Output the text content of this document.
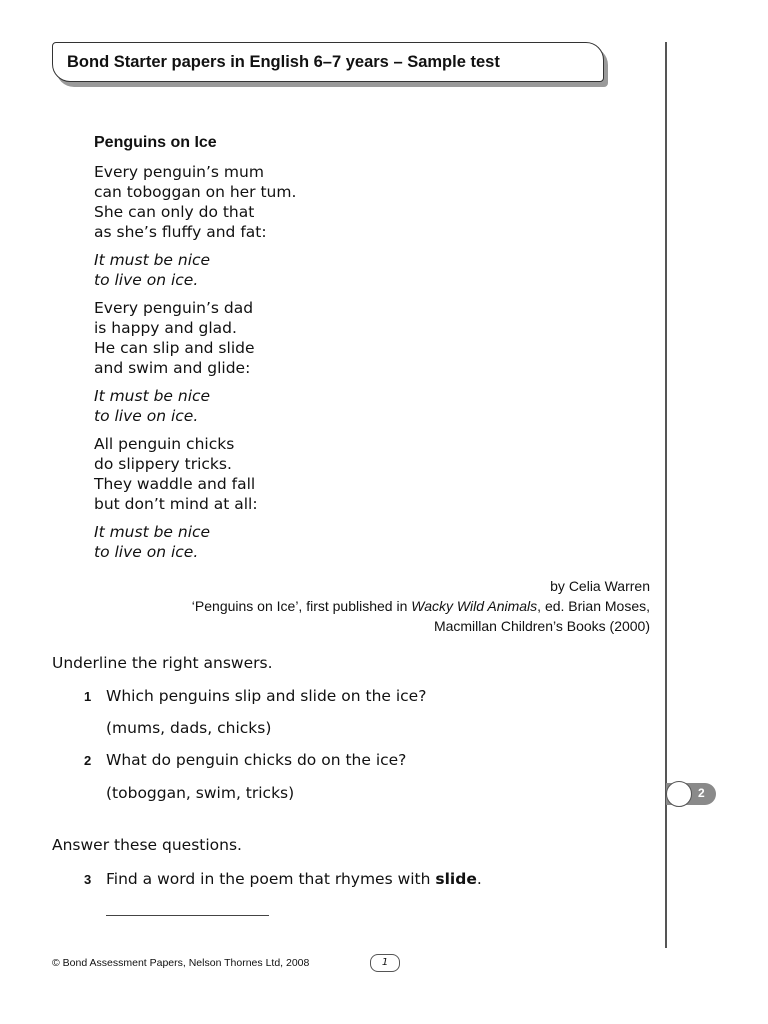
Bond Starter papers in English 6–7 years – Sample test
Penguins on Ice
Every penguin’s mum
can toboggan on her tum.
She can only do that
as she’s fluffy and fat:
It must be nice
to live on ice.
Every penguin’s dad
is happy and glad.
He can slip and slide
and swim and glide:
It must be nice
to live on ice.
All penguin chicks
do slippery tricks.
They waddle and fall
but don’t mind at all:
It must be nice
to live on ice.
by Celia Warren
‘Penguins on Ice’, first published in Wacky Wild Animals, ed. Brian Moses,
Macmillan Children’s Books (2000)
Underline the right answers.
1 Which penguins slip and slide on the ice?
(mums, dads, chicks)
2 What do penguin chicks do on the ice?
(toboggan, swim, tricks)
Answer these questions.
3 Find a word in the poem that rhymes with slide.
2
© Bond Assessment Papers, Nelson Thornes Ltd, 2008	1
